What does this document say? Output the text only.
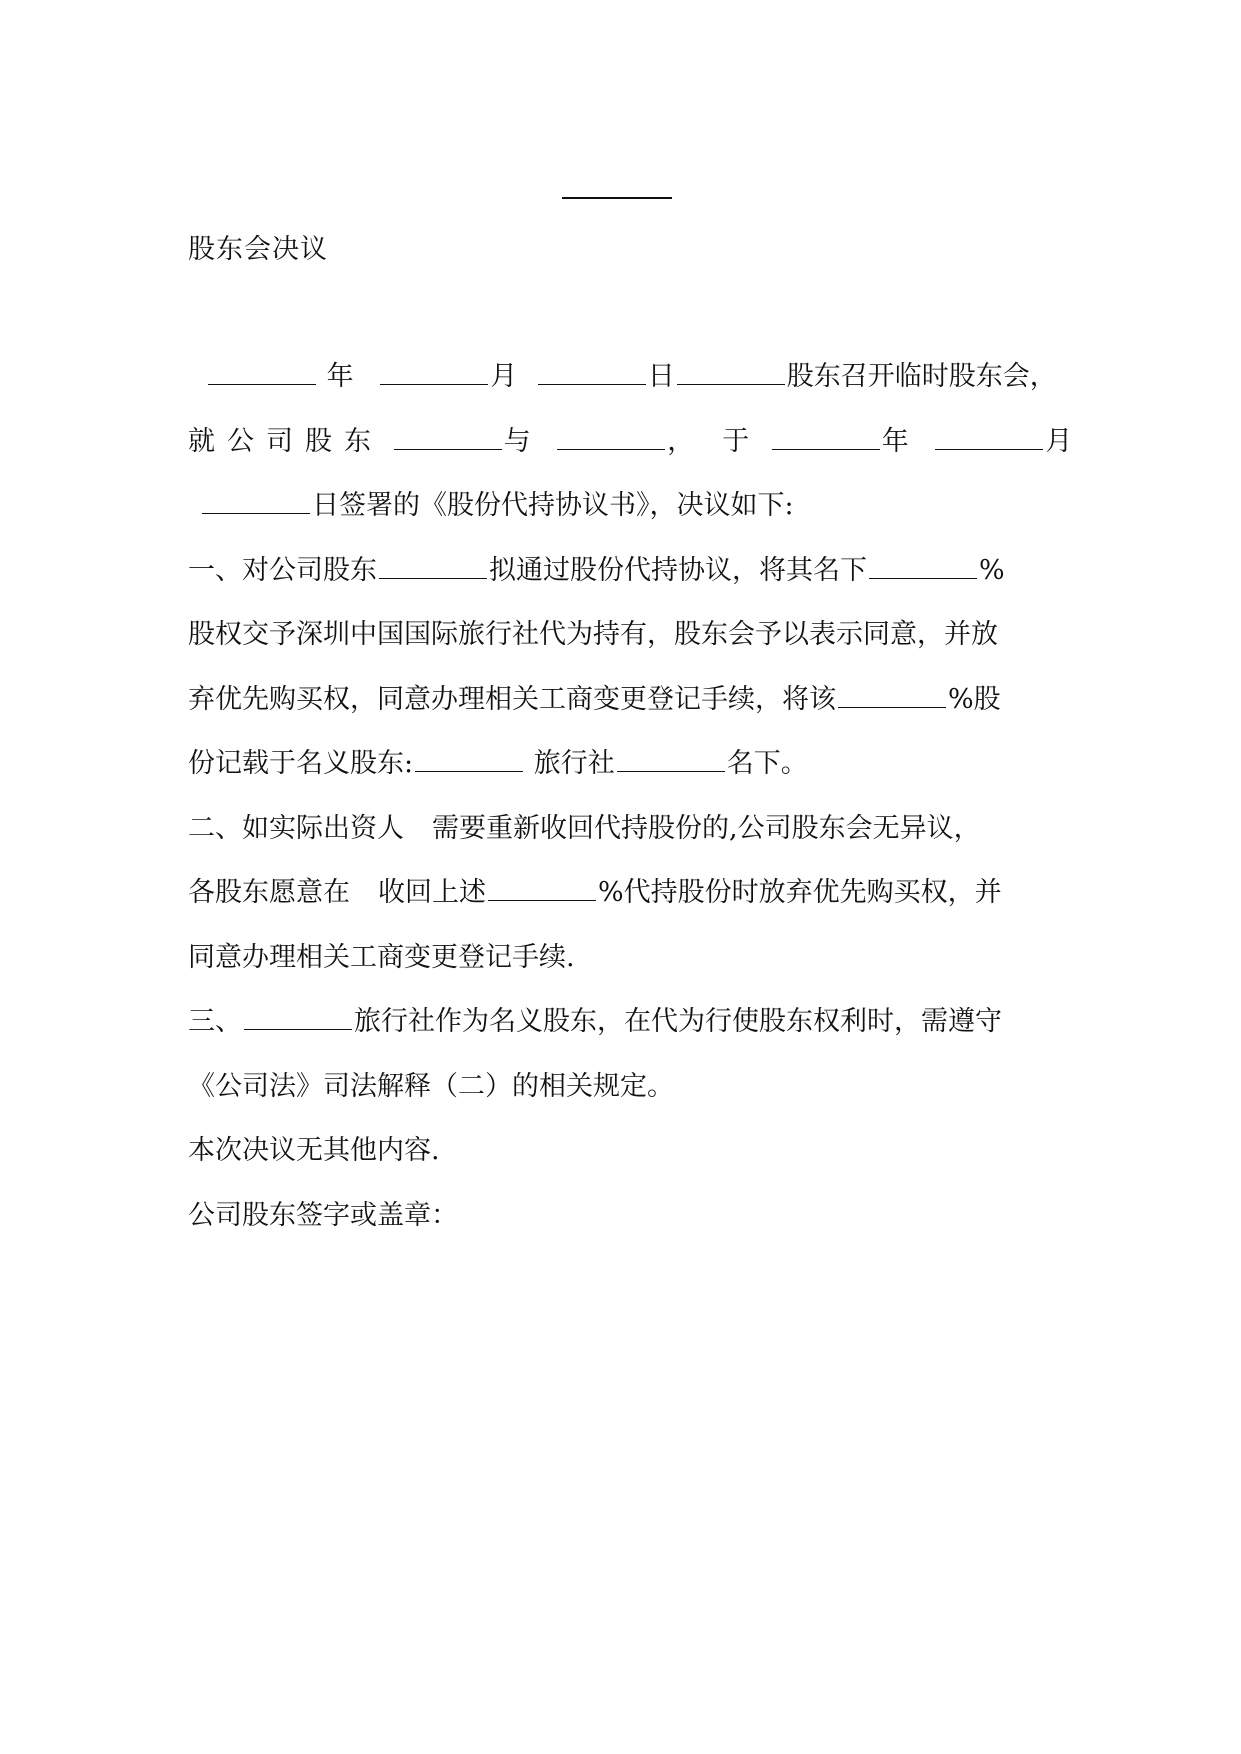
股东会决议
年	月	日	股东召开临时股东会，
就公司股东	与	， 于	年	月
日签署的《股份代持协议书》，决议如下:
一、对公司股东	拟通过股份代持协议，将其名下	%
股权交予深圳中国国际旅行社代为持有，股东会予以表示同意，并放
弃优先购买权，同意办理相关工商变更登记手续，将该	%股
份记载于名义股东:	旅行社	名下。
二、如实际出资人 需要重新收回代持股份的,公司股东会无异议，
各股东愿意在 收回上述	%代持股份时放弃优先购买权，并
同意办理相关工商变更登记手续.
三、	旅行社作为名义股东，在代为行使股东权利时，需遵守
《公司法》司法解释（二）的相关规定。
本次决议无其他内容.
公司股东签字或盖章：
